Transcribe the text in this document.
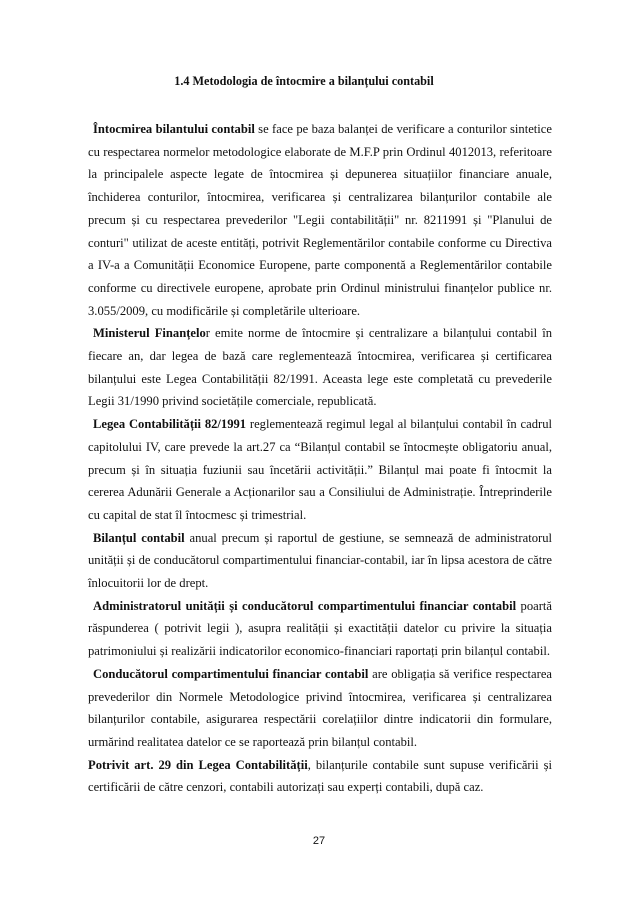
1.4 Metodologia de întocmire a bilanțului contabil

Întocmirea bilantului contabil se face pe baza balanței de verificare a conturilor sintetice cu respectarea normelor metodologice elaborate de M.F.P prin Ordinul 4012013, referitoare la principalele aspecte legate de întocmirea și depunerea situațiilor financiare anuale, închiderea conturilor, întocmirea, verificarea și centralizarea bilanțurilor contabile ale precum și cu respectarea prevederilor "Legii contabilității" nr. 8211991 și "Planului de conturi" utilizat de aceste entități, potrivit Reglementărilor contabile conforme cu Directiva a IV-a a Comunității Economice Europene, parte componentă a Reglementărilor contabile conforme cu directivele europene, aprobate prin Ordinul ministrului finanțelor publice nr. 3.055/2009, cu modificările și completările ulterioare.

Ministerul Finanțelor emite norme de întocmire și centralizare a bilanțului contabil în fiecare an, dar legea de bază care reglementează întocmirea, verificarea și certificarea bilanțului este Legea Contabilității 82/1991. Aceasta lege este completată cu prevederile Legii 31/1990 privind societățile comerciale, republicată.

Legea Contabilității 82/1991 reglementează regimul legal al bilanțului contabil în cadrul capitolului IV, care prevede la art.27 ca “Bilanțul contabil se întocmește obligatoriu anual, precum și în situația fuziunii sau încetării activității.” Bilanțul mai poate fi întocmit la cererea Adunării Generale a Acționarilor sau a Consiliului de Administrație. Întreprinderile cu capital de stat îl întocmesc și trimestrial.

Bilanțul contabil anual precum și raportul de gestiune, se semnează de administratorul unității și de conducătorul compartimentului financiar-contabil, iar în lipsa acestora de către înlocuitorii lor de drept.

Administratorul unității și conducătorul compartimentului financiar contabil poartă răspunderea ( potrivit legii ), asupra realității și exactității datelor cu privire la situația patrimoniului și realizării indicatorilor economico-financiari raportați prin bilanțul contabil.

Conducătorul compartimentului financiar contabil are obligația să verifice respectarea prevederilor din Normele Metodologice privind întocmirea, verificarea și centralizarea bilanțurilor contabile, asigurarea respectării corelațiilor dintre indicatorii din formulare, urmărind realitatea datelor ce se raportează prin bilanțul contabil.

Potrivit art. 29 din Legea Contabilității, bilanțurile contabile sunt supuse verificării și certificării de către cenzori, contabili autorizați sau experți contabili, după caz.

27
